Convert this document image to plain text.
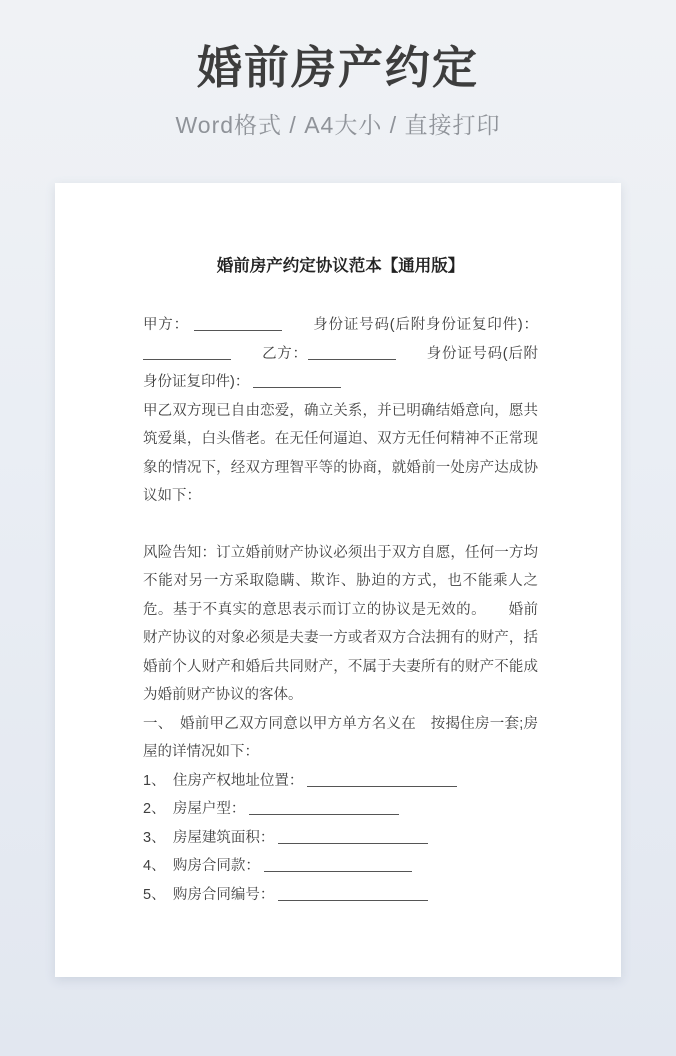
婚前房产约定
Word格式 / A4大小 / 直接打印
婚前房产约定协议范本【通用版】

甲方：	　　身份证号码(后附身份证复印件)： 　　乙方：	　　身份证号码(后附身份证复印件)：

甲乙双方现已自由恋爱，确立关系，并已明确结婚意向，愿共筑爱巢，白头偕老。在无任何逼迫、双方无任何精神不正常现象的情况下，经双方理智平等的协商，就婚前一处房产达成协议如下：

风险告知：订立婚前财产协议必须出于双方自愿，任何一方均不能对另一方采取隐瞒、欺诈、胁迫的方式，也不能乘人之危。基于不真实的意思表示而订立的协议是无效的。　　婚前财产协议的对象必须是夫妻一方或者双方合法拥有的财产，括婚前个人财产和婚后共同财产，不属于夫妻所有的财产不能成为婚前财产协议的客体。

一、　婚前甲乙双方同意以甲方单方名义在　按揭住房一套;房屋的详情况如下：

1、　住房产权地址位置：

2、　房屋户型：

3、　房屋建筑面积：

4、　购房合同款：

5、　购房合同编号：
